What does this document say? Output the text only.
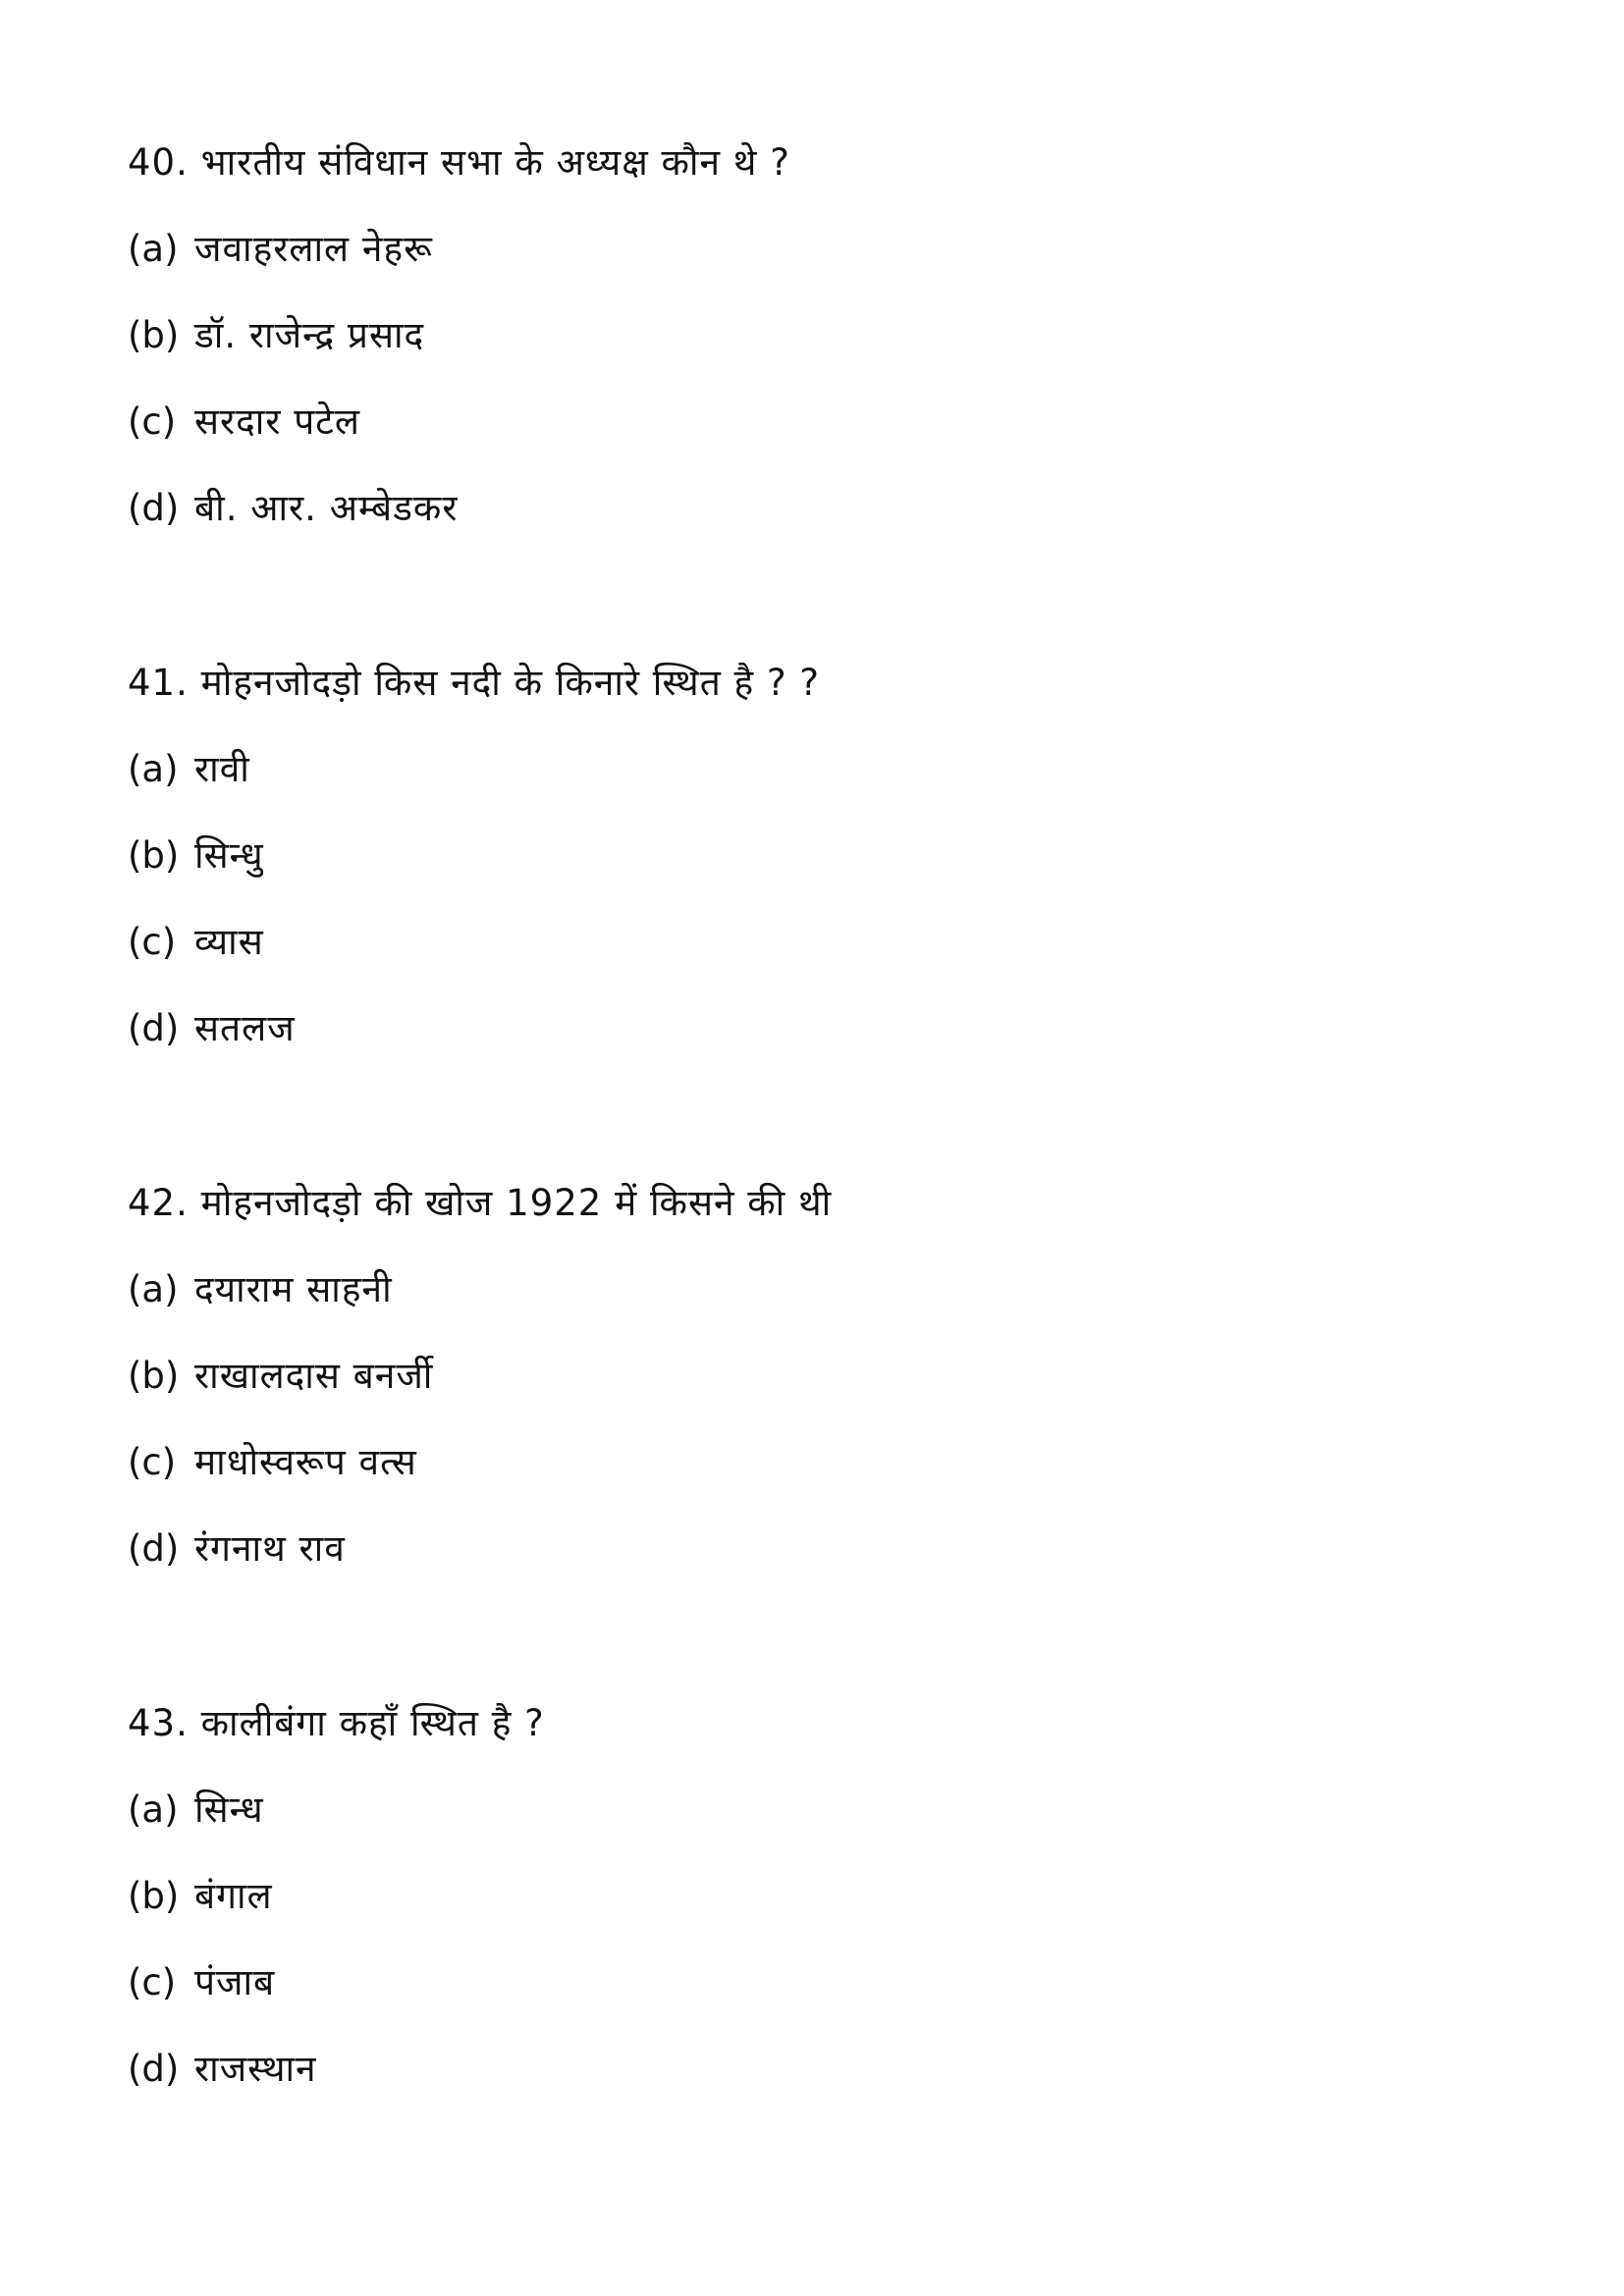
40. भारतीय संविधान सभा के अध्यक्ष कौन थे ?

(a) जवाहरलाल नेहरू
(b) डॉ. राजेन्द्र प्रसाद
(c) सरदार पटेल
(d) बी. आर. अम्बेडकर

41. मोहनजोदड़ो किस नदी के किनारे स्थित है ? ?

(a) रावी
(b) सिन्धु
(c) व्यास
(d) सतलज

42. मोहनजोदड़ो की खोज 1922 में किसने की थी

(a) दयाराम साहनी
(b) राखालदास बनर्जी
(c) माधोस्वरूप वत्स
(d) रंगनाथ राव

43. कालीबंगा कहाँ स्थित है ?

(a) सिन्ध
(b) बंगाल
(c) पंजाब
(d) राजस्थान
